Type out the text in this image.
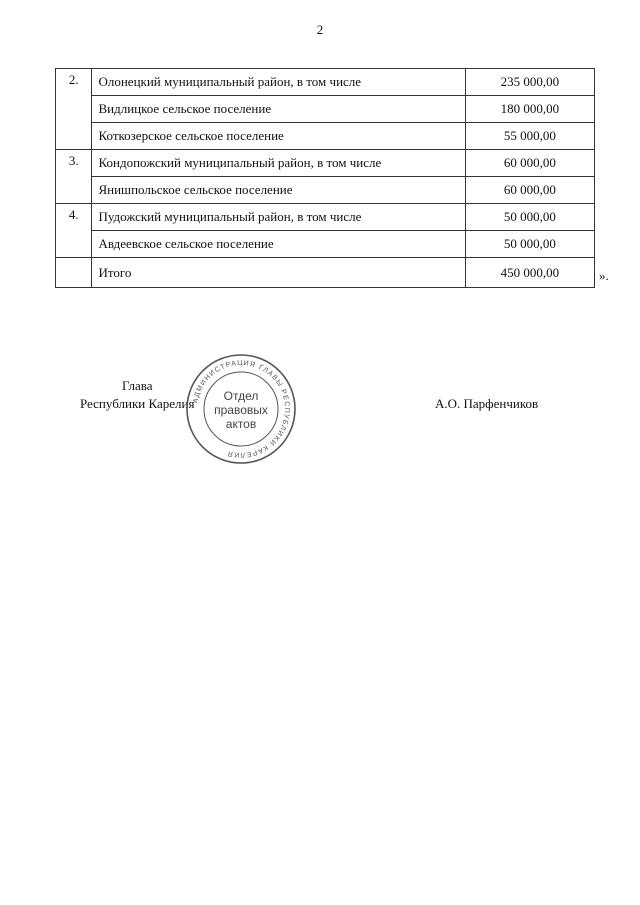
2
2.	Олонецкий муниципальный район, в том числе	235 000,00
	Видлицкое сельское поселение	180 000,00
	Коткозерское сельское поселение	55 000,00
3.	Кондопожский муниципальный район, в том числе	60 000,00
	Янишпольское сельское поселение	60 000,00
4.	Пудожский муниципальный район, в том числе	50 000,00
	Авдеевское сельское поселение	50 000,00
	Итого	450 000,00	».
Глава
Республики Карелия	А.О. Парфенчиков
АДМИНИСТРАЦИЯ ГЛАВЫ РЕСПУБЛИКИ КАРЕЛИЯ
Отдел
правовых
актов
